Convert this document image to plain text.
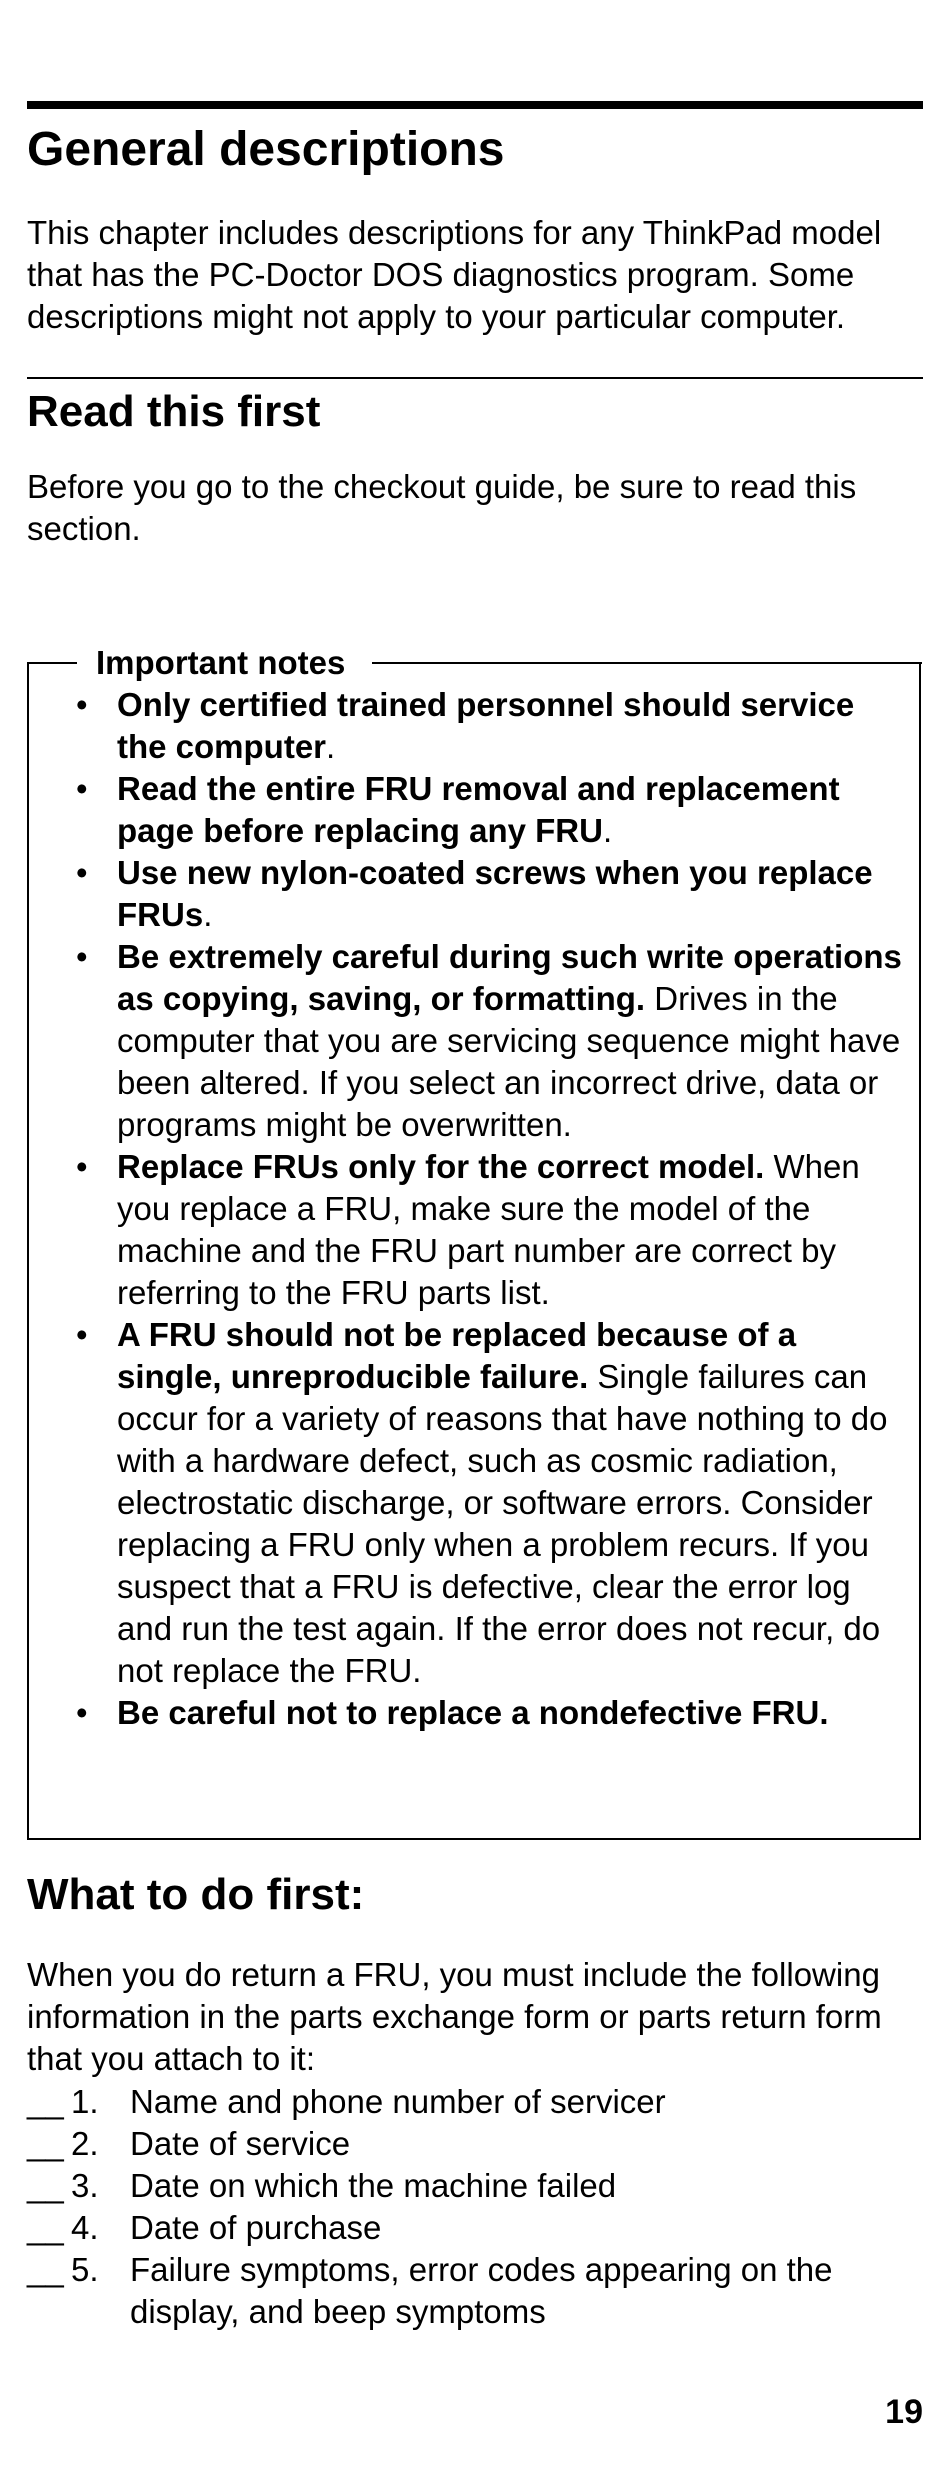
General descriptions

This chapter includes descriptions for any ThinkPad model that has the PC-Doctor DOS diagnostics program. Some descriptions might not apply to your particular computer.

Read this first

Before you go to the checkout guide, be sure to read this section.

Important notes
• Only certified trained personnel should service the computer.
• Read the entire FRU removal and replacement page before replacing any FRU.
• Use new nylon-coated screws when you replace FRUs.
• Be extremely careful during such write operations as copying, saving, or formatting. Drives in the computer that you are servicing sequence might have been altered. If you select an incorrect drive, data or programs might be overwritten.
• Replace FRUs only for the correct model. When you replace a FRU, make sure the model of the machine and the FRU part number are correct by referring to the FRU parts list.
• A FRU should not be replaced because of a single, unreproducible failure. Single failures can occur for a variety of reasons that have nothing to do with a hardware defect, such as cosmic radiation, electrostatic discharge, or software errors. Consider replacing a FRU only when a problem recurs. If you suspect that a FRU is defective, clear the error log and run the test again. If the error does not recur, do not replace the FRU.
• Be careful not to replace a nondefective FRU.
What to do first:

When you do return a FRU, you must include the following information in the parts exchange form or parts return form that you attach to it:

__ 1. Name and phone number of servicer
__ 2. Date of service
__ 3. Date on which the machine failed
__ 4. Date of purchase
__ 5. Failure symptoms, error codes appearing on the display, and beep symptoms
19
